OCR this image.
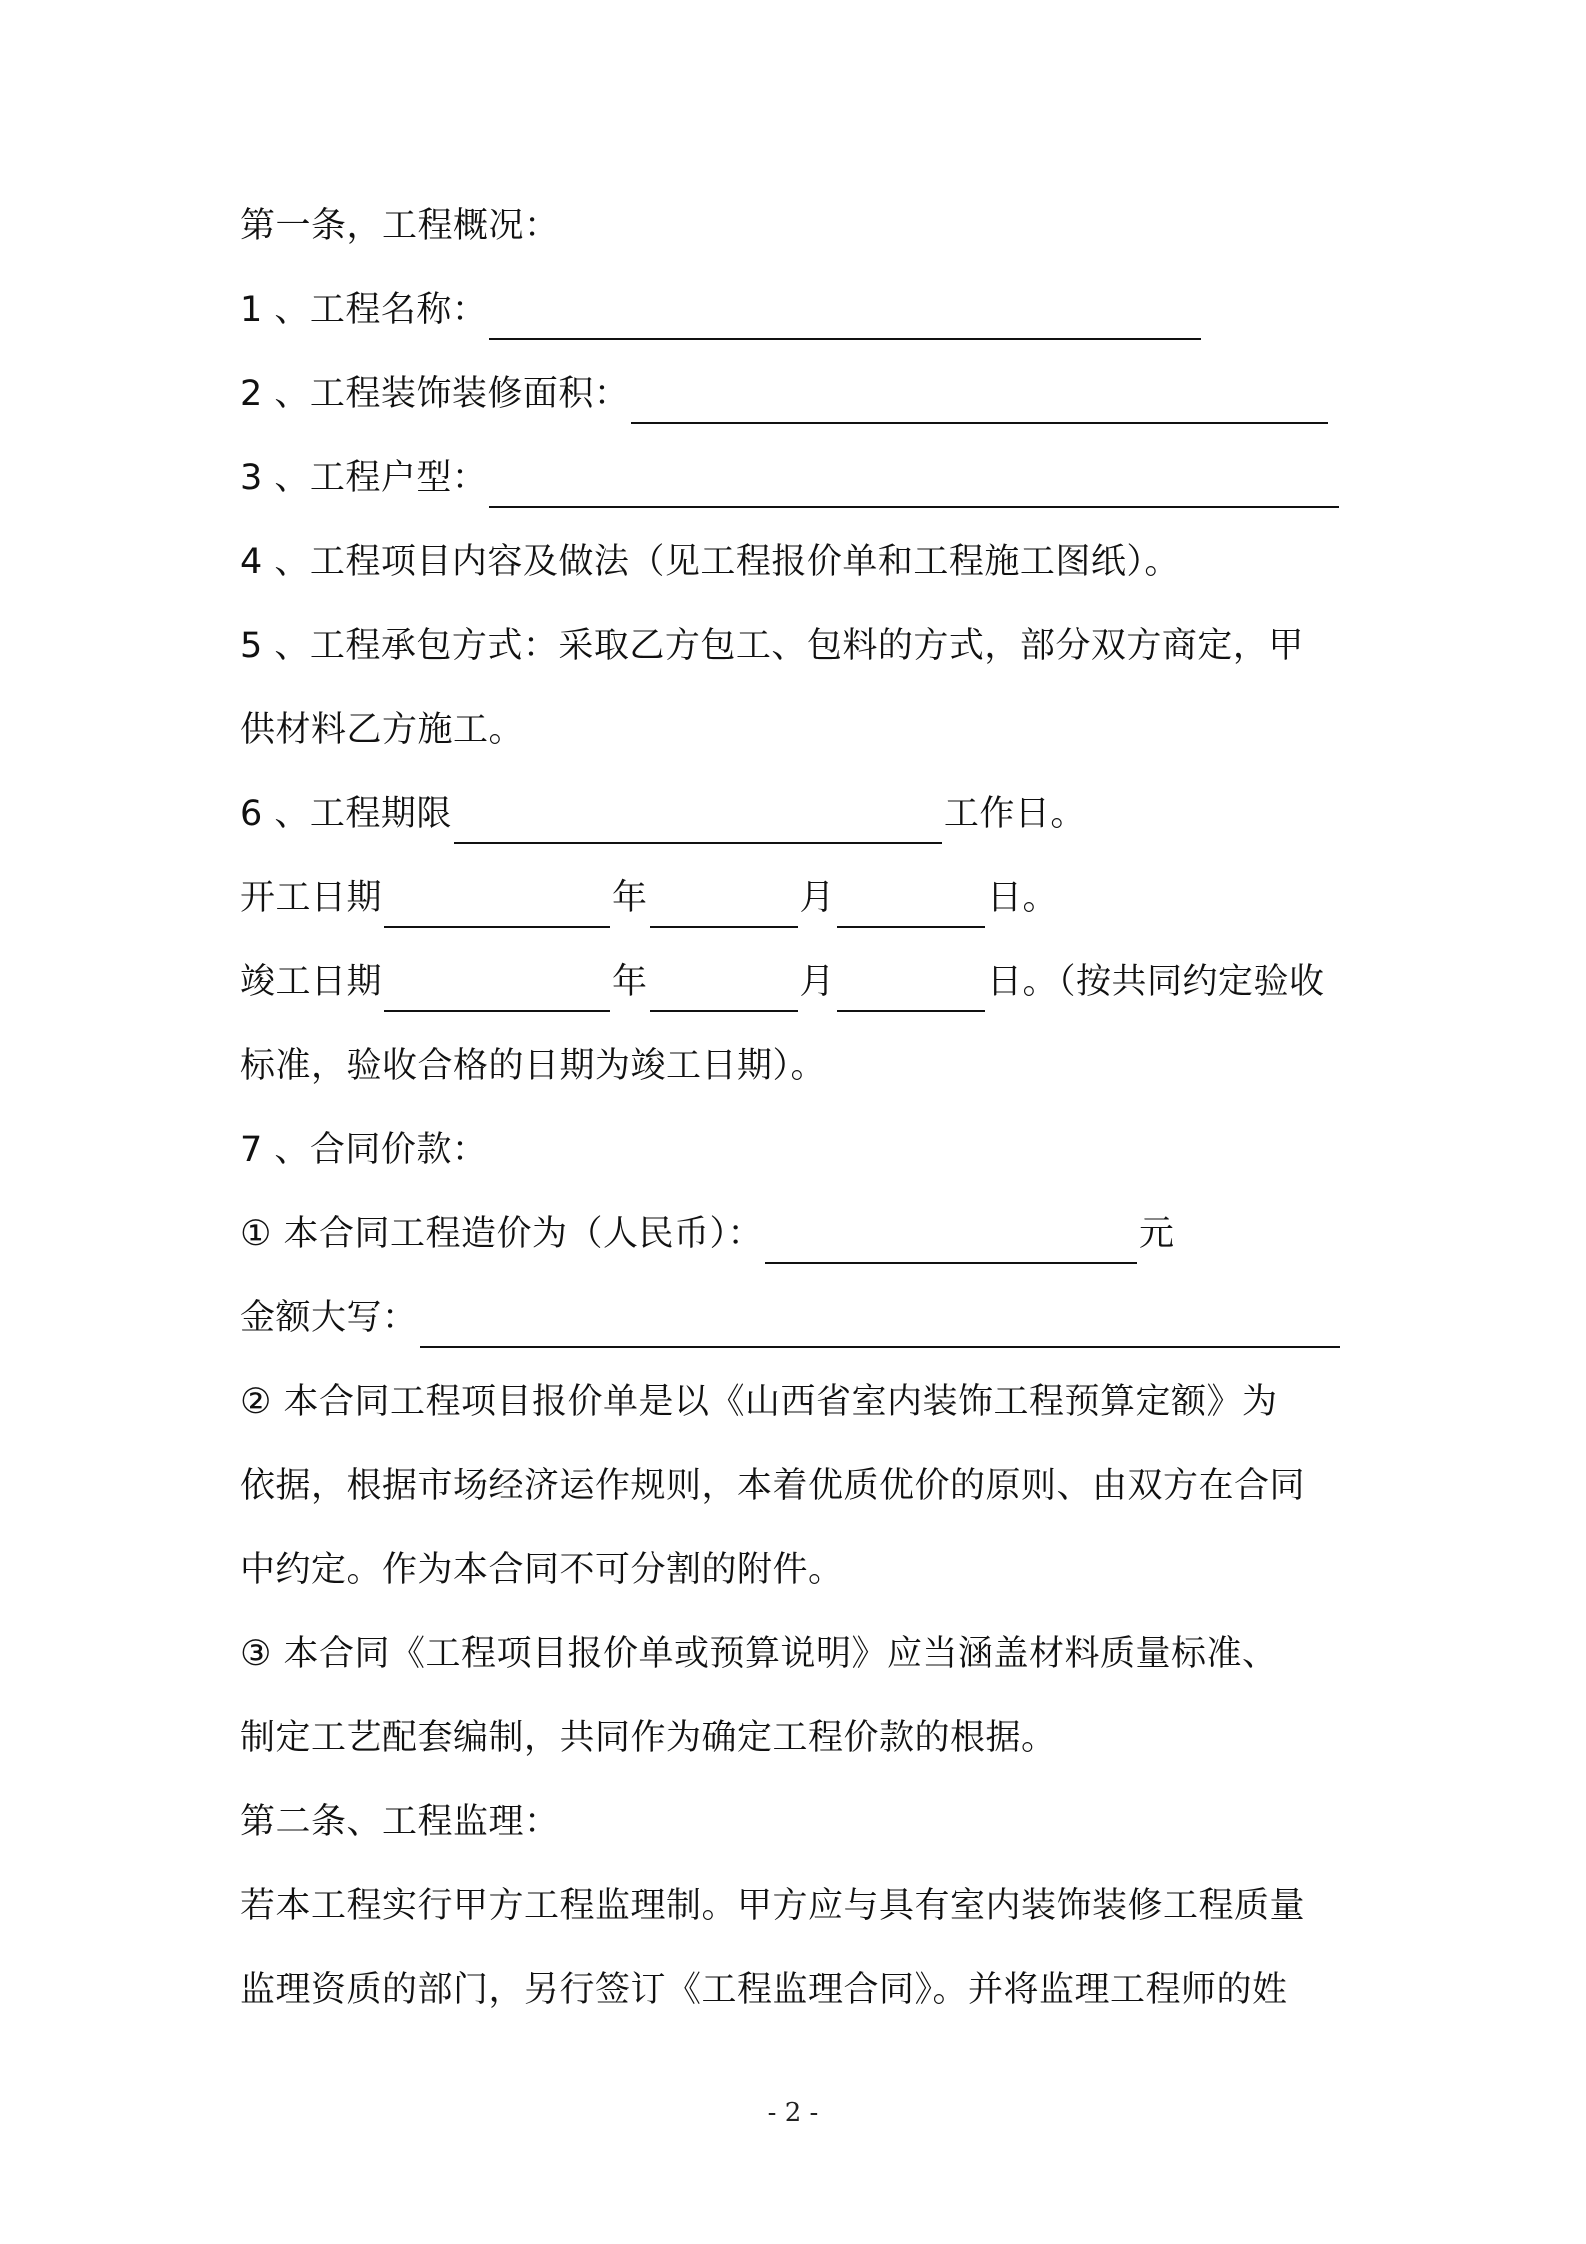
第一条，工程概况：
1 、工程名称：
2 、工程装饰装修面积：
3 、工程户型：
4 、工程项目内容及做法（见工程报价单和工程施工图纸）。
5 、工程承包方式：采取乙方包工、包料的方式，部分双方商定，甲
供材料乙方施工。
6 、工程期限	工作日。
开工日期	年	月	日。
竣工日期	年	月	日。（按共同约定验收
标准，验收合格的日期为竣工日期）。
7 、合同价款：
① 本合同工程造价为（人民币）：	元
金额大写：
② 本合同工程项目报价单是以《山西省室内装饰工程预算定额》为
依据，根据市场经济运作规则，本着优质优价的原则、由双方在合同
中约定。作为本合同不可分割的附件。
③ 本合同《工程项目报价单或预算说明》应当涵盖材料质量标准、
制定工艺配套编制，共同作为确定工程价款的根据。
第二条、工程监理：
若本工程实行甲方工程监理制。甲方应与具有室内装饰装修工程质量
监理资质的部门，另行签订《工程监理合同》。并将监理工程师的姓
- 2 -
